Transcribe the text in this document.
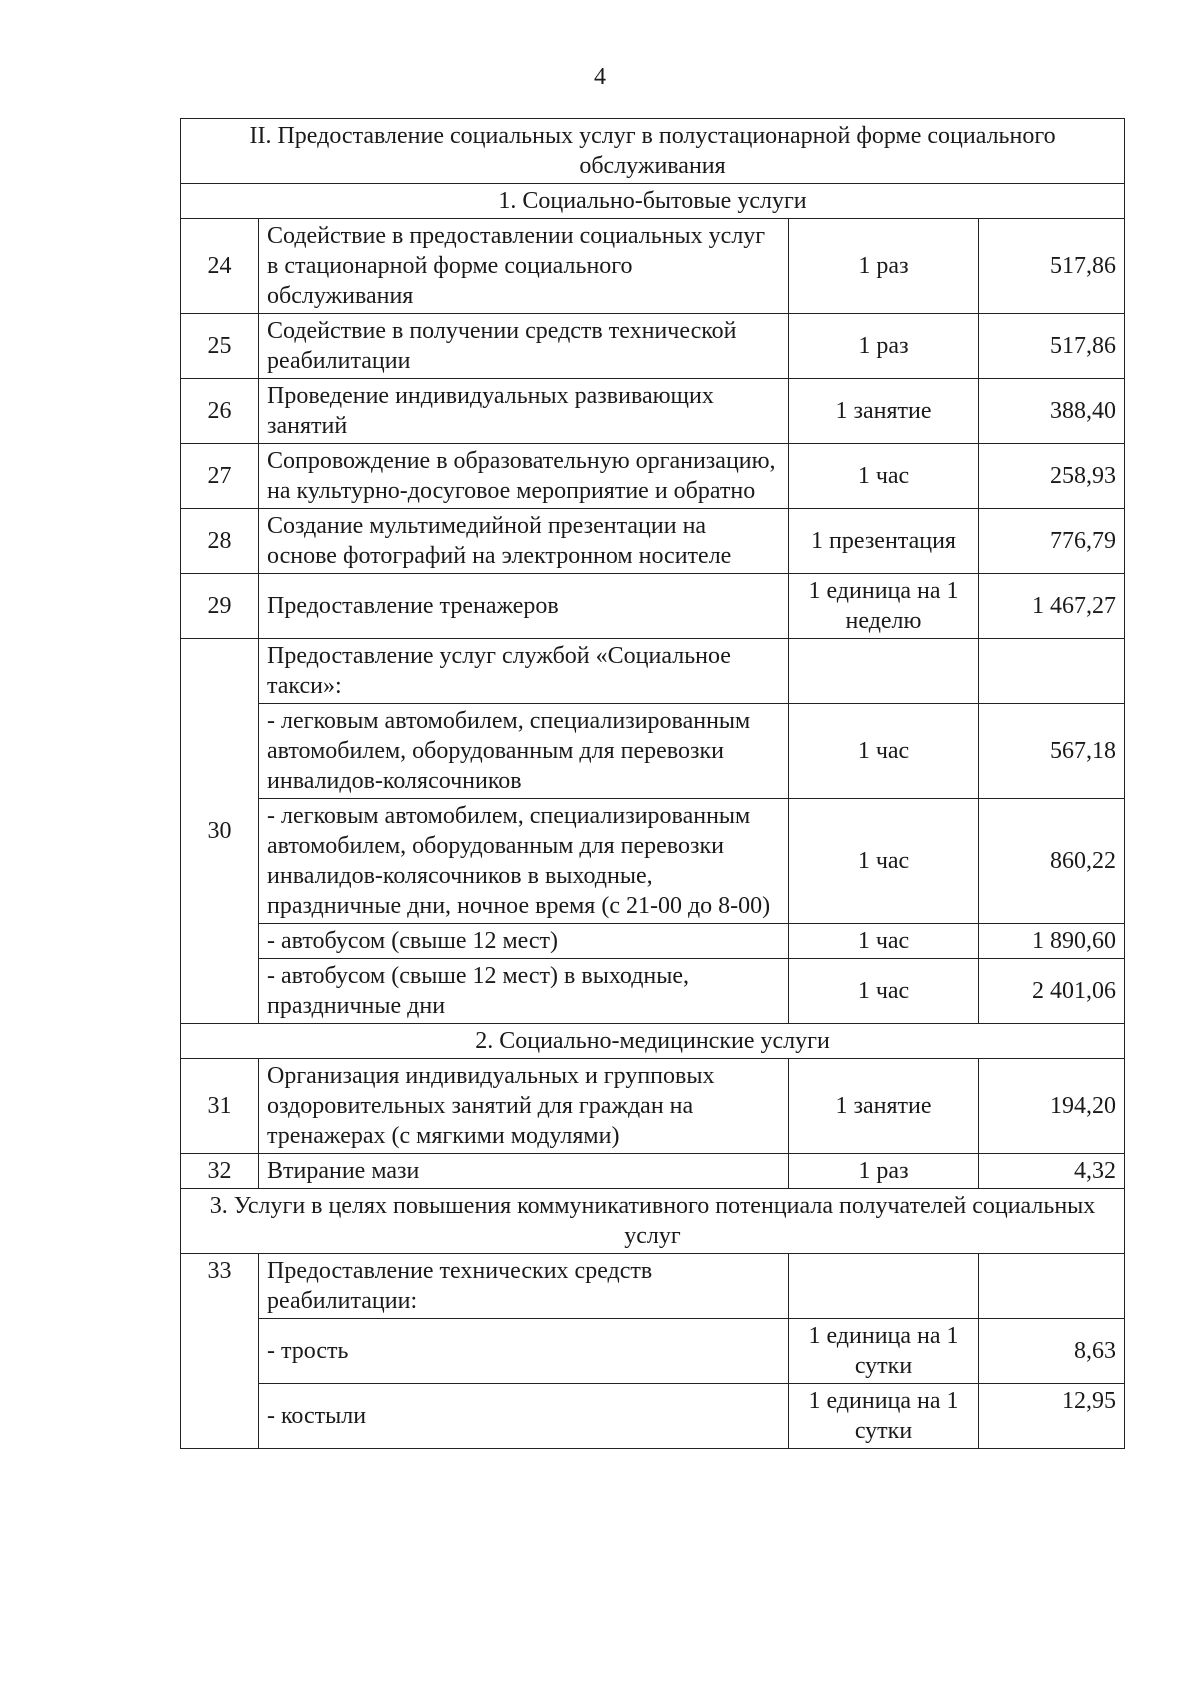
4
II. Предоставление социальных услуг в полустационарной форме социального обслуживания			
1. Социально-бытовые услуги			
24	Содействие в предоставлении социальных услуг в стационарной форме социального обслуживания	1 раз	517,86
25	Содействие в получении средств технической реабилитации	1 раз	517,86
26	Проведение индивидуальных развивающих занятий	1 занятие	388,40
27	Сопровождение в образовательную организацию, на культурно-досуговое мероприятие и обратно	1 час	258,93
28	Создание мультимедийной презентации на основе фотографий на электронном носителе	1 презентация	776,79
29	Предоставление тренажеров	1 единица на 1 неделю	1 467,27
30	Предоставление услуг службой «Социальное такси»:		
	- легковым автомобилем, специализированным автомобилем, оборудованным для перевозки инвалидов-колясочников	1 час	567,18
	- легковым автомобилем, специализированным автомобилем, оборудованным для перевозки инвалидов-колясочников в выходные, праздничные дни, ночное время (с 21-00 до 8-00)	1 час	860,22
	- автобусом (свыше 12 мест)	1 час	1 890,60
	- автобусом (свыше 12 мест) в выходные, праздничные дни	1 час	2 401,06
2. Социально-медицинские услуги			
31	Организация индивидуальных и групповых оздоровительных занятий для граждан на тренажерах (с мягкими модулями)	1 занятие	194,20
32	Втирание мази	1 раз	4,32
3. Услуги в целях повышения коммуникативного потенциала получателей социальных услуг			
33	Предоставление технических средств реабилитации:		
	- трость	1 единица на 1 сутки	8,63
	- костыли	1 единица на 1 сутки	12,95
